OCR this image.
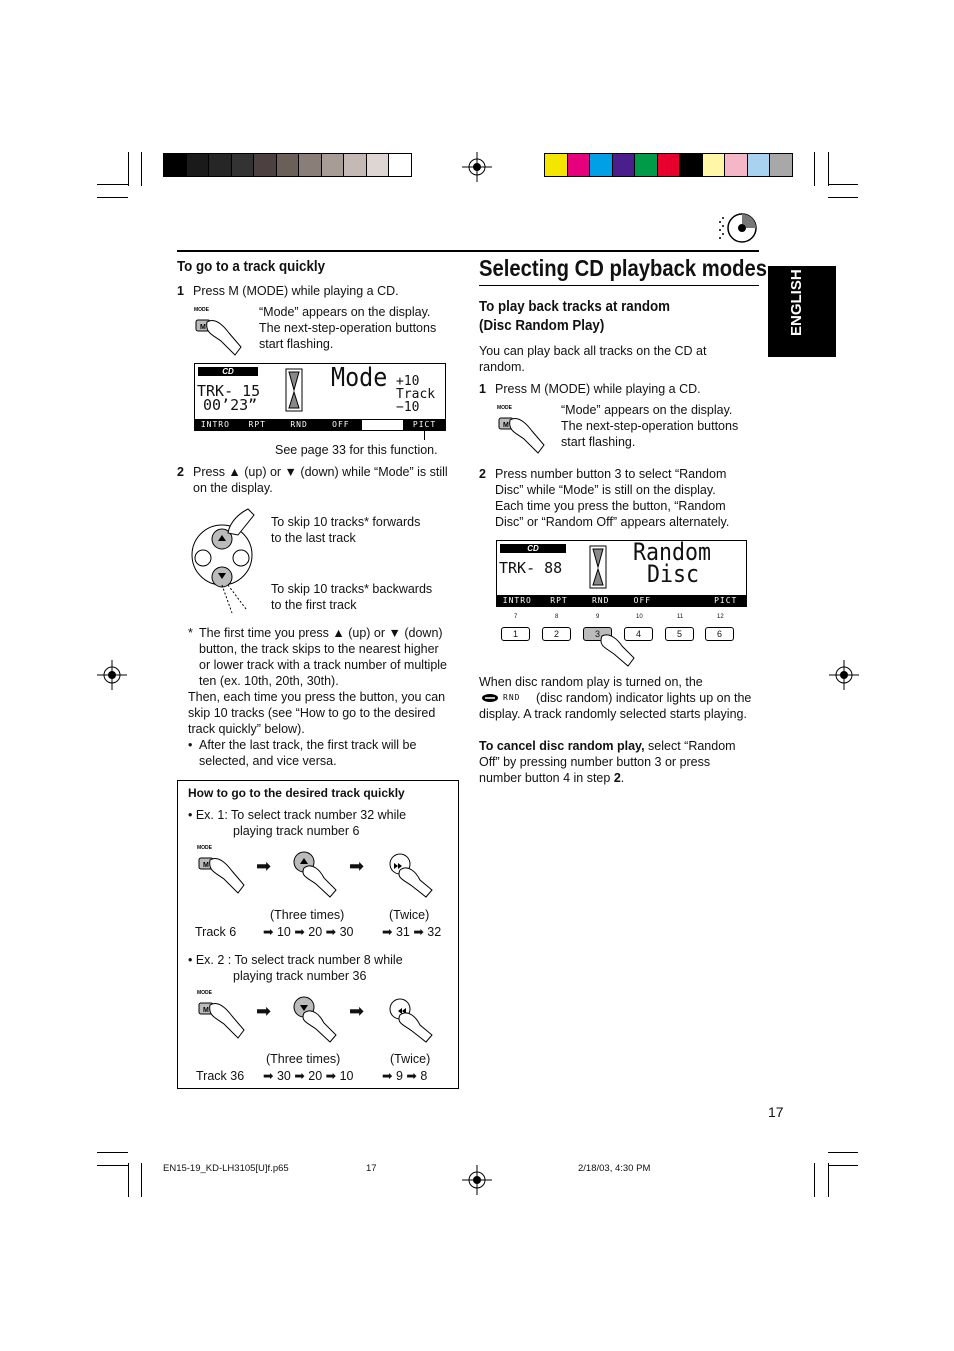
ENGLISH
To go to a track quickly
1 Press M (MODE) while playing a CD.
MODE
M
“Mode” appears on the display.
The next-step-operation buttons
start flashing.
CD
TRK- 15
00’23”
Mode +10
Track
−10
INTRO	RPT	RND	OFF	PICT
See page 33 for this function.
2 Press ▲ (up) or ▼ (down) while “Mode” is still
on the display.
To skip 10 tracks* forwards
to the last track
To skip 10 tracks* backwards
to the first track
* The first time you press ▲ (up) or ▼ (down)
button, the track skips to the nearest higher
or lower track with a track number of multiple
ten (ex. 10th, 20th, 30th).
Then, each time you press the button, you can
skip 10 tracks (see “How to go to the desired
track quickly” below).
• After the last track, the first track will be
selected, and vice versa.
How to go to the desired track quickly
• Ex. 1: To select track number 32 while
playing track number 6
MODE
M	➡	➡
(Three times)	(Twice)
Track 6 ➡ 10 ➡ 20 ➡ 30 ➡ 31 ➡ 32
• Ex. 2 : To select track number 8 while
playing track number 36
MODE
M	➡	➡
(Three times)	(Twice)
Track 36 ➡ 30 ➡ 20 ➡ 10 ➡ 9 ➡ 8
Selecting CD playback modes
To play back tracks at random
(Disc Random Play)
You can play back all tracks on the CD at
random.
1 Press M (MODE) while playing a CD.
MODE
M
“Mode” appears on the display.
The next-step-operation buttons
start flashing.
2 Press number button 3 to select “Random
Disc” while “Mode” is still on the display.
Each time you press the button, “Random
Disc” or “Random Off” appears alternately.
CD
TRK- 88
Random
Disc
INTRO	RPT	RND	OFF	PICT
7	8	9	10	11	12
1	2	3	4	5	6
When disc random play is turned on, the
RND (disc random) indicator lights up on the
display. A track randomly selected starts playing.
To cancel disc random play, select “Random
Off” by pressing number button 3 or press
number button 4 in step 2.
17
EN15-19_KD-LH3105[U]f.p65	17	2/18/03, 4:30 PM
